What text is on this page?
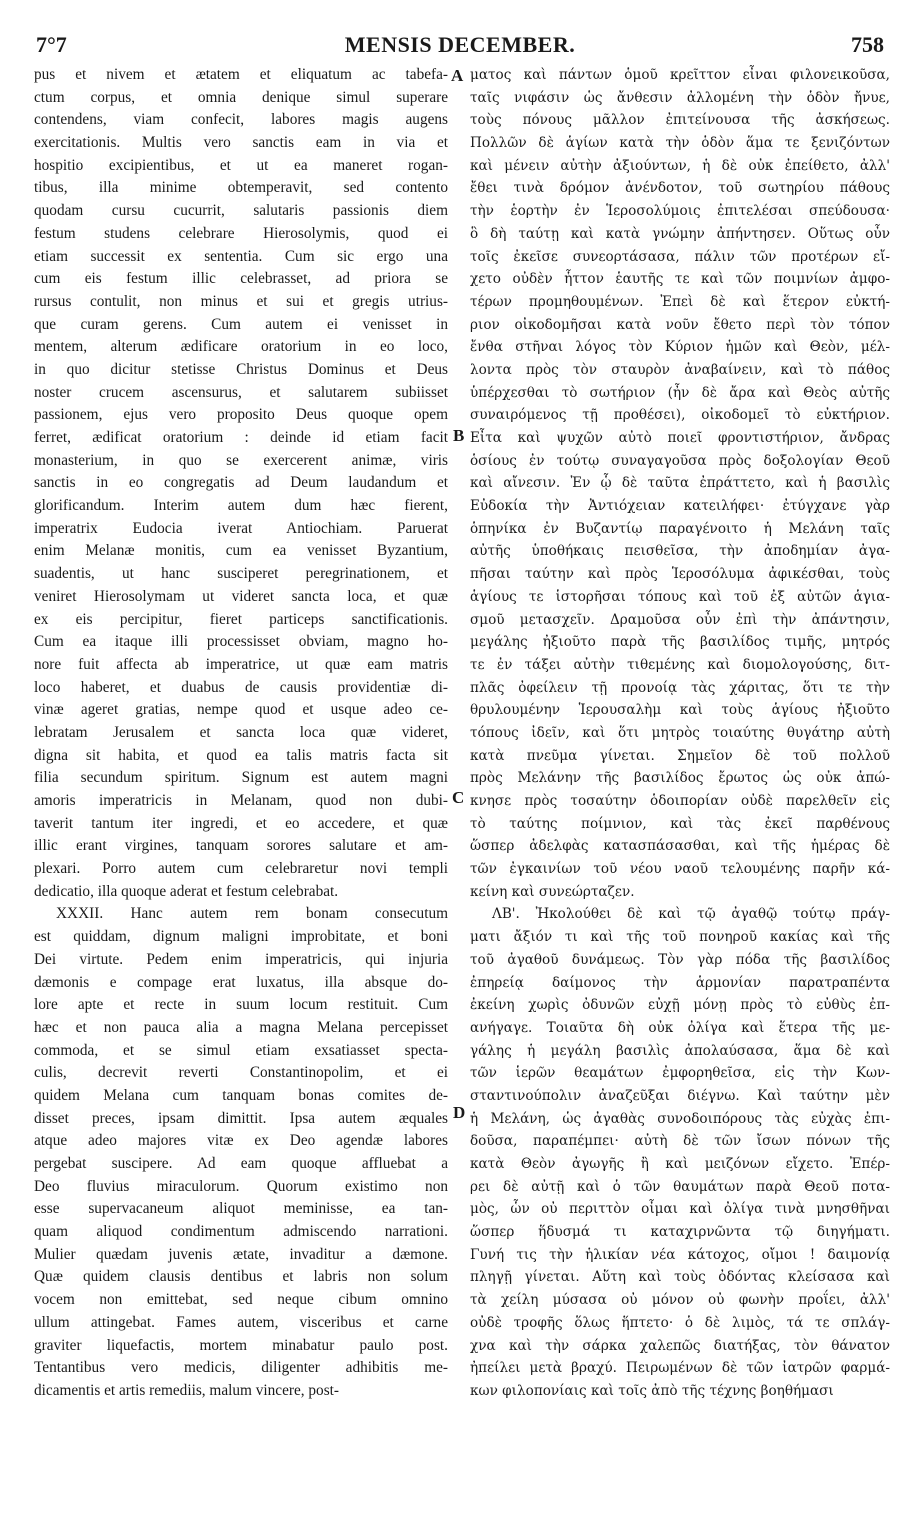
7°7	MENSIS DECEMBER.	758
pus et nivem et ætatem et eliquatum ac tabefa-
ctum corpus, et omnia denique simul superare
contendens, viam confecit, labores magis augens
exercitationis. Multis vero sanctis eam in via et
hospitio excipientibus, et ut ea maneret rogan-
tibus, illa minime obtemperavit, sed contento
quodam cursu cucurrit, salutaris passionis diem
festum studens celebrare Hierosolymis, quod ei
etiam successit ex sententia. Cum sic ergo una
cum eis festum illic celebrasset, ad priora se
rursus contulit, non minus et sui et gregis utrius-
que curam gerens. Cum autem ei venisset in
mentem, alterum ædificare oratorium in eo loco,
in quo dicitur stetisse Christus Dominus et Deus
noster crucem ascensurus, et salutarem subiisset
passionem, ejus vero proposito Deus quoque opem
ferret, ædificat oratorium : deinde id etiam facit
monasterium, in quo se exercerent animæ, viris
sanctis in eo congregatis ad Deum laudandum et
glorificandum. Interim autem dum hæc fierent,
imperatrix Eudocia iverat Antiochiam. Paruerat
enim Melanæ monitis, cum ea venisset Byzantium,
suadentis, ut hanc susciperet peregrinationem, et
veniret Hierosolymam ut videret sancta loca, et quæ
ex eis percipitur, fieret particeps sanctificationis.
Cum ea itaque illi processisset obviam, magno ho-
nore fuit affecta ab imperatrice, ut quæ eam matris
loco haberet, et duabus de causis providentiæ di-
vinæ ageret gratias, nempe quod et usque adeo ce-
lebratam Jerusalem et sancta loca quæ videret,
digna sit habita, et quod ea talis matris facta sit
filia secundum spiritum. Signum est autem magni
amoris imperatricis in Melanam, quod non dubi-
taverit tantum iter ingredi, et eo accedere, et quæ
illic erant virgines, tanquam sorores salutare et am-
plexari. Porro autem cum celebraretur novi templi
dedicatio, illa quoque aderat et festum celebrabat.
XXXII. Hanc autem rem bonam consecutum
est quiddam, dignum maligni improbitate, et boni
Dei virtute. Pedem enim imperatricis, qui injuria
dæmonis e compage erat luxatus, illa absque do-
lore apte et recte in suum locum restituit. Cum
hæc et non pauca alia a magna Melana percepisset
commoda, et se simul etiam exsatiasset specta-
culis, decrevit reverti Constantinopolim, et ei
quidem Melana cum tanquam bonas comites de-
disset preces, ipsam dimittit. Ipsa autem æquales
atque adeo majores vitæ ex Deo agendæ labores
pergebat suscipere. Ad eam quoque affluebat a
Deo fluvius miraculorum. Quorum existimo non
esse supervacaneum aliquot meminisse, ea tan-
quam aliquod condimentum admiscendo narrationi.
Mulier quædam juvenis ætate, invaditur a dæmone.
Quæ quidem clausis dentibus et labris non solum
vocem non emittebat, sed neque cibum omnino
ullum attingebat. Fames autem, visceribus et carne
graviter liquefactis, mortem minabatur paulo post.
Tentantibus vero medicis, diligenter adhibitis me-
dicamentis et artis remediis, malum vincere, post-
ματος καὶ πάντων ὁμοῦ κρεῖττον εἶναι φιλονεικοῦσα,
ταῖς νιφάσιν ὡς ἄνθεσιν ἀλλομένη τὴν ὁδὸν ἤνυε,
τοὺς πόνους μᾶλλον ἐπιτείνουσα τῆς ἀσκήσεως.
Πολλῶν δὲ ἁγίων κατὰ τὴν ὁδὸν ἅμα τε ξενιζόντων
καὶ μένειν αὐτὴν ἀξιούντων, ἡ δὲ οὐκ ἐπείθετο, ἀλλ'
ἔθει τινὰ δρόμον ἀνένδοτον, τοῦ σωτηρίου πάθους
τὴν ἑορτὴν ἐν Ἱεροσολύμοις ἐπιτελέσαι σπεύδουσα·
ὃ δὴ ταύτῃ καὶ κατὰ γνώμην ἀπήντησεν. Οὕτως οὖν
τοῖς ἐκεῖσε συνεορτάσασα, πάλιν τῶν προτέρων εἴ-
χετο οὐδὲν ἧττον ἑαυτῆς τε καὶ τῶν ποιμνίων ἀμφο-
τέρων προμηθουμένων. Ἐπεὶ δὲ καὶ ἕτερον εὐκτή-
ριον οἰκοδομῆσαι κατὰ νοῦν ἔθετο περὶ τὸν τόπον
ἔνθα στῆναι λόγος τὸν Κύριον ἡμῶν καὶ Θεὸν, μέλ-
λοντα πρὸς τὸν σταυρὸν ἀναβαίνειν, καὶ τὸ πάθος
ὑπέρχεσθαι τὸ σωτήριον (ἦν δὲ ἄρα καὶ Θεὸς αὐτῆς
συναιρόμενος τῇ προθέσει), οἰκοδομεῖ τὸ εὐκτήριον.
Εἶτα καὶ ψυχῶν αὐτὸ ποιεῖ φροντιστήριον, ἄνδρας
ὁσίους ἐν τούτῳ συναγαγοῦσα πρὸς δοξολογίαν Θεοῦ
καὶ αἴνεσιν. Ἐν ᾧ δὲ ταῦτα ἐπράττετο, καὶ ἡ βασιλὶς
Εὐδοκία τὴν Ἀντιόχειαν κατειλήφει· ἐτύγχανε γὰρ
ὁπηνίκα ἐν Βυζαντίῳ παραγένοιτο ἡ Μελάνη ταῖς
αὐτῆς ὑποθήκαις πεισθεῖσα, τὴν ἀποδημίαν ἀγα-
πῆσαι ταύτην καὶ πρὸς Ἱεροσόλυμα ἀφικέσθαι, τοὺς
ἁγίους τε ἱστορῆσαι τόπους καὶ τοῦ ἐξ αὐτῶν ἁγια-
σμοῦ μετασχεῖν. Δραμοῦσα οὖν ἐπὶ τὴν ἀπάντησιν,
μεγάλης ἠξιοῦτο παρὰ τῆς βασιλίδος τιμῆς, μητρός
τε ἐν τάξει αὐτὴν τιθεμένης καὶ διομολογούσης, διτ-
πλᾶς ὀφείλειν τῇ προνοίᾳ τὰς χάριτας, ὅτι τε τὴν
θρυλουμένην Ἱερουσαλὴμ καὶ τοὺς ἁγίους ἠξιοῦτο
τόπους ἰδεῖν, καὶ ὅτι μητρὸς τοιαύτης θυγάτηρ αὐτὴ
κατὰ πνεῦμα γίνεται. Σημεῖον δὲ τοῦ πολλοῦ
πρὸς Μελάνην τῆς βασιλίδος ἔρωτος ὡς οὐκ ἀπώ-
κνησε πρὸς τοσαύτην ὁδοιπορίαν οὐδὲ παρελθεῖν εἰς
τὸ ταύτης ποίμνιον, καὶ τὰς ἐκεῖ παρθένους
ὥσπερ ἀδελφὰς κατασπάσασθαι, καὶ τῆς ἡμέρας δὲ
τῶν ἐγκαινίων τοῦ νέου ναοῦ τελουμένης παρῆν κά-
κείνη καὶ συνεώρταζεν.
ΛΒ'. Ἠκολούθει δὲ καὶ τῷ ἀγαθῷ τούτῳ πράγ-
ματι ἄξιόν τι καὶ τῆς τοῦ πονηροῦ κακίας καὶ τῆς
τοῦ ἀγαθοῦ δυνάμεως. Τὸν γὰρ πόδα τῆς βασιλίδος
ἐπηρείᾳ δαίμονος τὴν ἁρμονίαν παρατραπέντα
ἐκείνη χωρὶς ὀδυνῶν εὐχῇ μόνῃ πρὸς τὸ εὐθὺς ἐπ-
ανήγαγε. Τοιαῦτα δὴ οὐκ ὀλίγα καὶ ἕτερα τῆς με-
γάλης ἡ μεγάλη βασιλὶς ἀπολαύσασα, ἅμα δὲ καὶ
τῶν ἱερῶν θεαμάτων ἐμφορηθεῖσα, εἰς τὴν Κων-
σταντινούπολιν ἀναζεῦξαι διέγνω. Καὶ ταύτην μὲν
ἡ Μελάνη, ὡς ἀγαθὰς συνοδοιπόρους τὰς εὐχὰς ἐπι-
δοῦσα, παραπέμπει· αὐτὴ δὲ τῶν ἴσων πόνων τῆς
κατὰ Θεὸν ἀγωγῆς ἢ καὶ μειζόνων εἴχετο. Ἐπέρ-
ρει δὲ αὐτῇ καὶ ὁ τῶν θαυμάτων παρὰ Θεοῦ ποτα-
μὸς, ὧν οὐ περιττὸν οἶμαι καὶ ὀλίγα τινὰ μνησθῆναι
ὥσπερ ἥδυσμά τι καταχιρνῶντα τῷ διηγήματι.
Γυνή τις τὴν ἡλικίαν νέα κάτοχος, οἴμοι ! δαιμονίᾳ
πληγῇ γίνεται. Αὕτη καὶ τοὺς ὀδόντας κλείσασα καὶ
τὰ χείλη μύσασα οὐ μόνον οὐ φωνὴν προΐει, ἀλλ'
οὐδὲ τροφῆς ὅλως ἥπτετο· ὁ δὲ λιμὸς, τά τε σπλάγ-
χνα καὶ τὴν σάρκα χαλεπῶς διατήξας, τὸν θάνατον
ἠπείλει μετὰ βραχύ. Πειρωμένων δὲ τῶν ἰατρῶν φαρμά-
κων φιλοπονίαις καὶ τοῖς ἀπὸ τῆς τέχνης βοηθήμασι
A
B
C
D
